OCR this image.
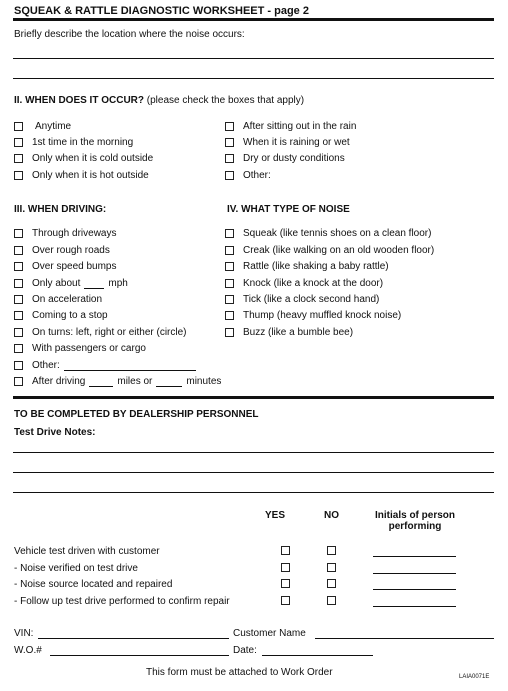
SQUEAK & RATTLE DIAGNOSTIC WORKSHEET - page 2
Briefly describe the location where the noise occurs:
II. WHEN DOES IT OCCUR? (please check the boxes that apply)
Anytime
1st time in the morning
Only when it is cold outside
Only when it is hot outside
After sitting out in the rain
When it is raining or wet
Dry or dusty conditions
Other:
III. WHEN DRIVING:	IV. WHAT TYPE OF NOISE
Through driveways
Over rough roads
Over speed bumps
Only about	mph
On acceleration
Coming to a stop
On turns: left, right or either (circle)
With passengers or cargo
Other:
After driving	miles or	minutes
Squeak (like tennis shoes on a clean floor)
Creak (like walking on an old wooden floor)
Rattle (like shaking a baby rattle)
Knock (like a knock at the door)
Tick (like a clock second hand)
Thump (heavy muffled knock noise)
Buzz (like a bumble bee)
TO BE COMPLETED BY DEALERSHIP PERSONNEL
Test Drive Notes:
YES	NO	Initials of person
performing
Vehicle test driven with customer
- Noise verified on test drive
- Noise source located and repaired
- Follow up test drive performed to confirm repair
VIN:	Customer Name
W.O.#	Date:
This form must be attached to Work Order	LAIA0071E
